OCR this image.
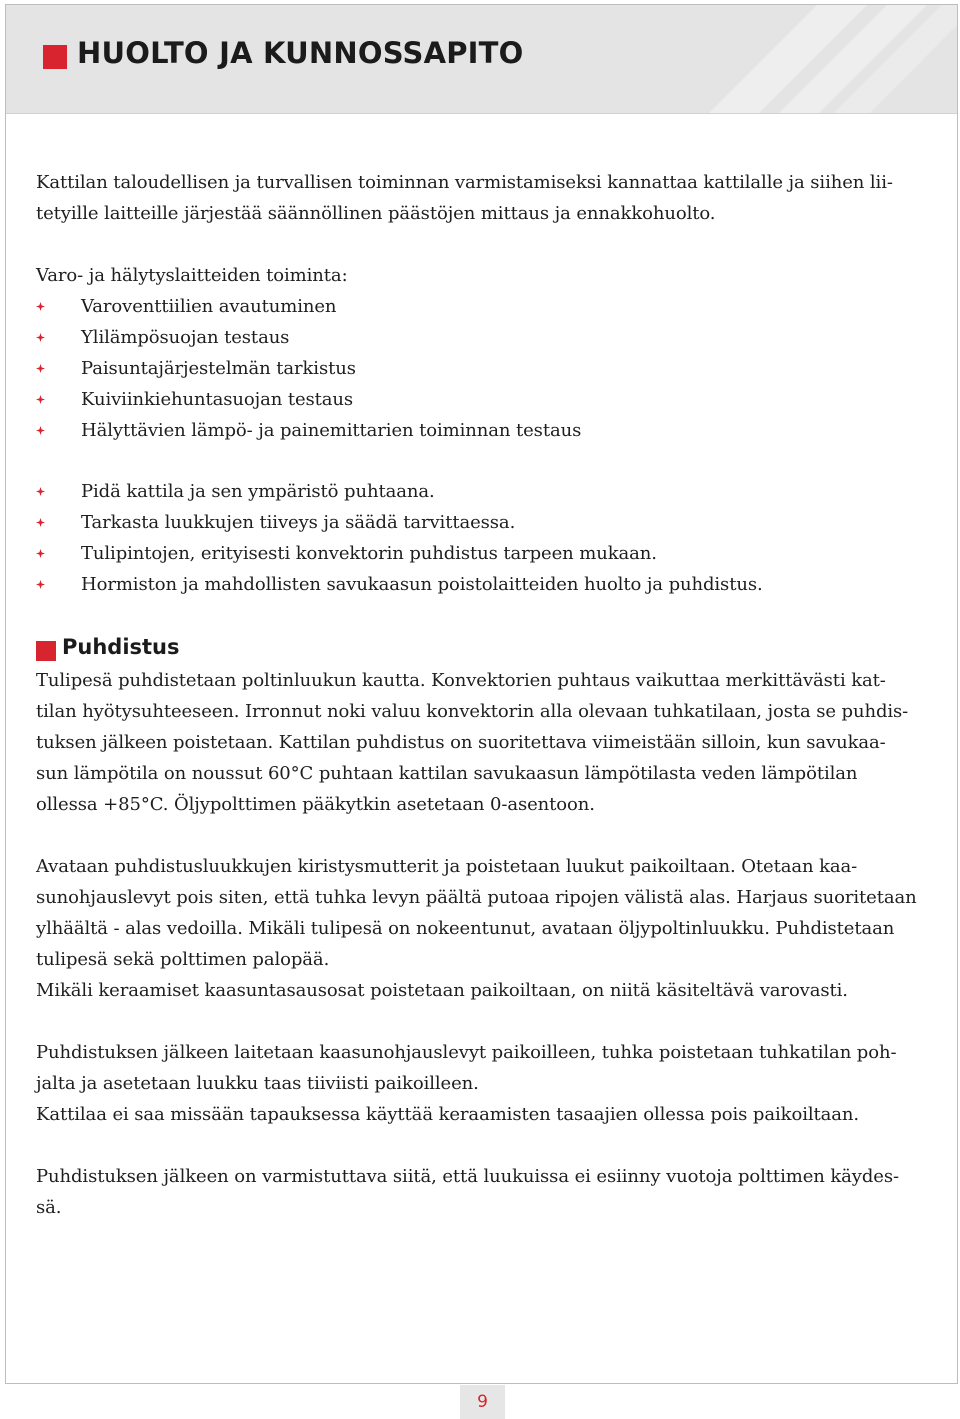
HUOLTO JA KUNNOSSAPITO

Kattilan taloudellisen ja turvallisen toiminnan varmistamiseksi kannattaa kattilalle ja siihen lii-

tetyille laitteille järjestää säännöllinen päästöjen mittaus ja ennakkohuolto.

Varo- ja hälytyslaitteiden toiminta:

Varoventtiilien avautuminen
Ylilämpösuojan testaus
Paisuntajärjestelmän tarkistus
Kuiviinkiehuntasuojan testaus
Hälyttävien lämpö- ja painemittarien toiminnan testaus
Pidä kattila ja sen ympäristö puhtaana.
Tarkasta luukkujen tiiveys ja säädä tarvittaessa.
Tulipintojen, erityisesti konvektorin puhdistus tarpeen mukaan.
Hormiston ja mahdollisten savukaasun poistolaitteiden huolto ja puhdistus.
Puhdistus

Tulipesä puhdistetaan poltinluukun kautta. Konvektorien puhtaus vaikuttaa merkittävästi kat-

tilan hyötysuhteeseen. Irronnut noki valuu konvektorin alla olevaan tuhkatilaan, josta se puhdis-

tuksen jälkeen poistetaan. Kattilan puhdistus on suoritettava viimeistään silloin, kun savukaa-

sun lämpötila on noussut 60°C puhtaan kattilan savukaasun lämpötilasta veden lämpötilan

ollessa +85°C. Öljypolttimen pääkytkin asetetaan 0-asentoon.

Avataan puhdistusluukkujen kiristysmutterit ja poistetaan luukut paikoiltaan. Otetaan kaa-

sunohjauslevyt pois siten, että tuhka levyn päältä putoaa ripojen välistä alas. Harjaus suoritetaan

ylhäältä - alas vedoilla. Mikäli tulipesä on nokeentunut, avataan öljypoltinluukku. Puhdistetaan

tulipesä sekä polttimen palopää.

Mikäli keraamiset kaasuntasausosat poistetaan paikoiltaan, on niitä käsiteltävä varovasti.

Puhdistuksen jälkeen laitetaan kaasunohjauslevyt paikoilleen, tuhka poistetaan tuhkatilan poh-

jalta ja asetetaan luukku taas tiiviisti paikoilleen.

Kattilaa ei saa missään tapauksessa käyttää keraamisten tasaajien ollessa pois paikoiltaan.

Puhdistuksen jälkeen on varmistuttava siitä, että luukuissa ei esiinny vuotoja polttimen käydes-

sä.

9
